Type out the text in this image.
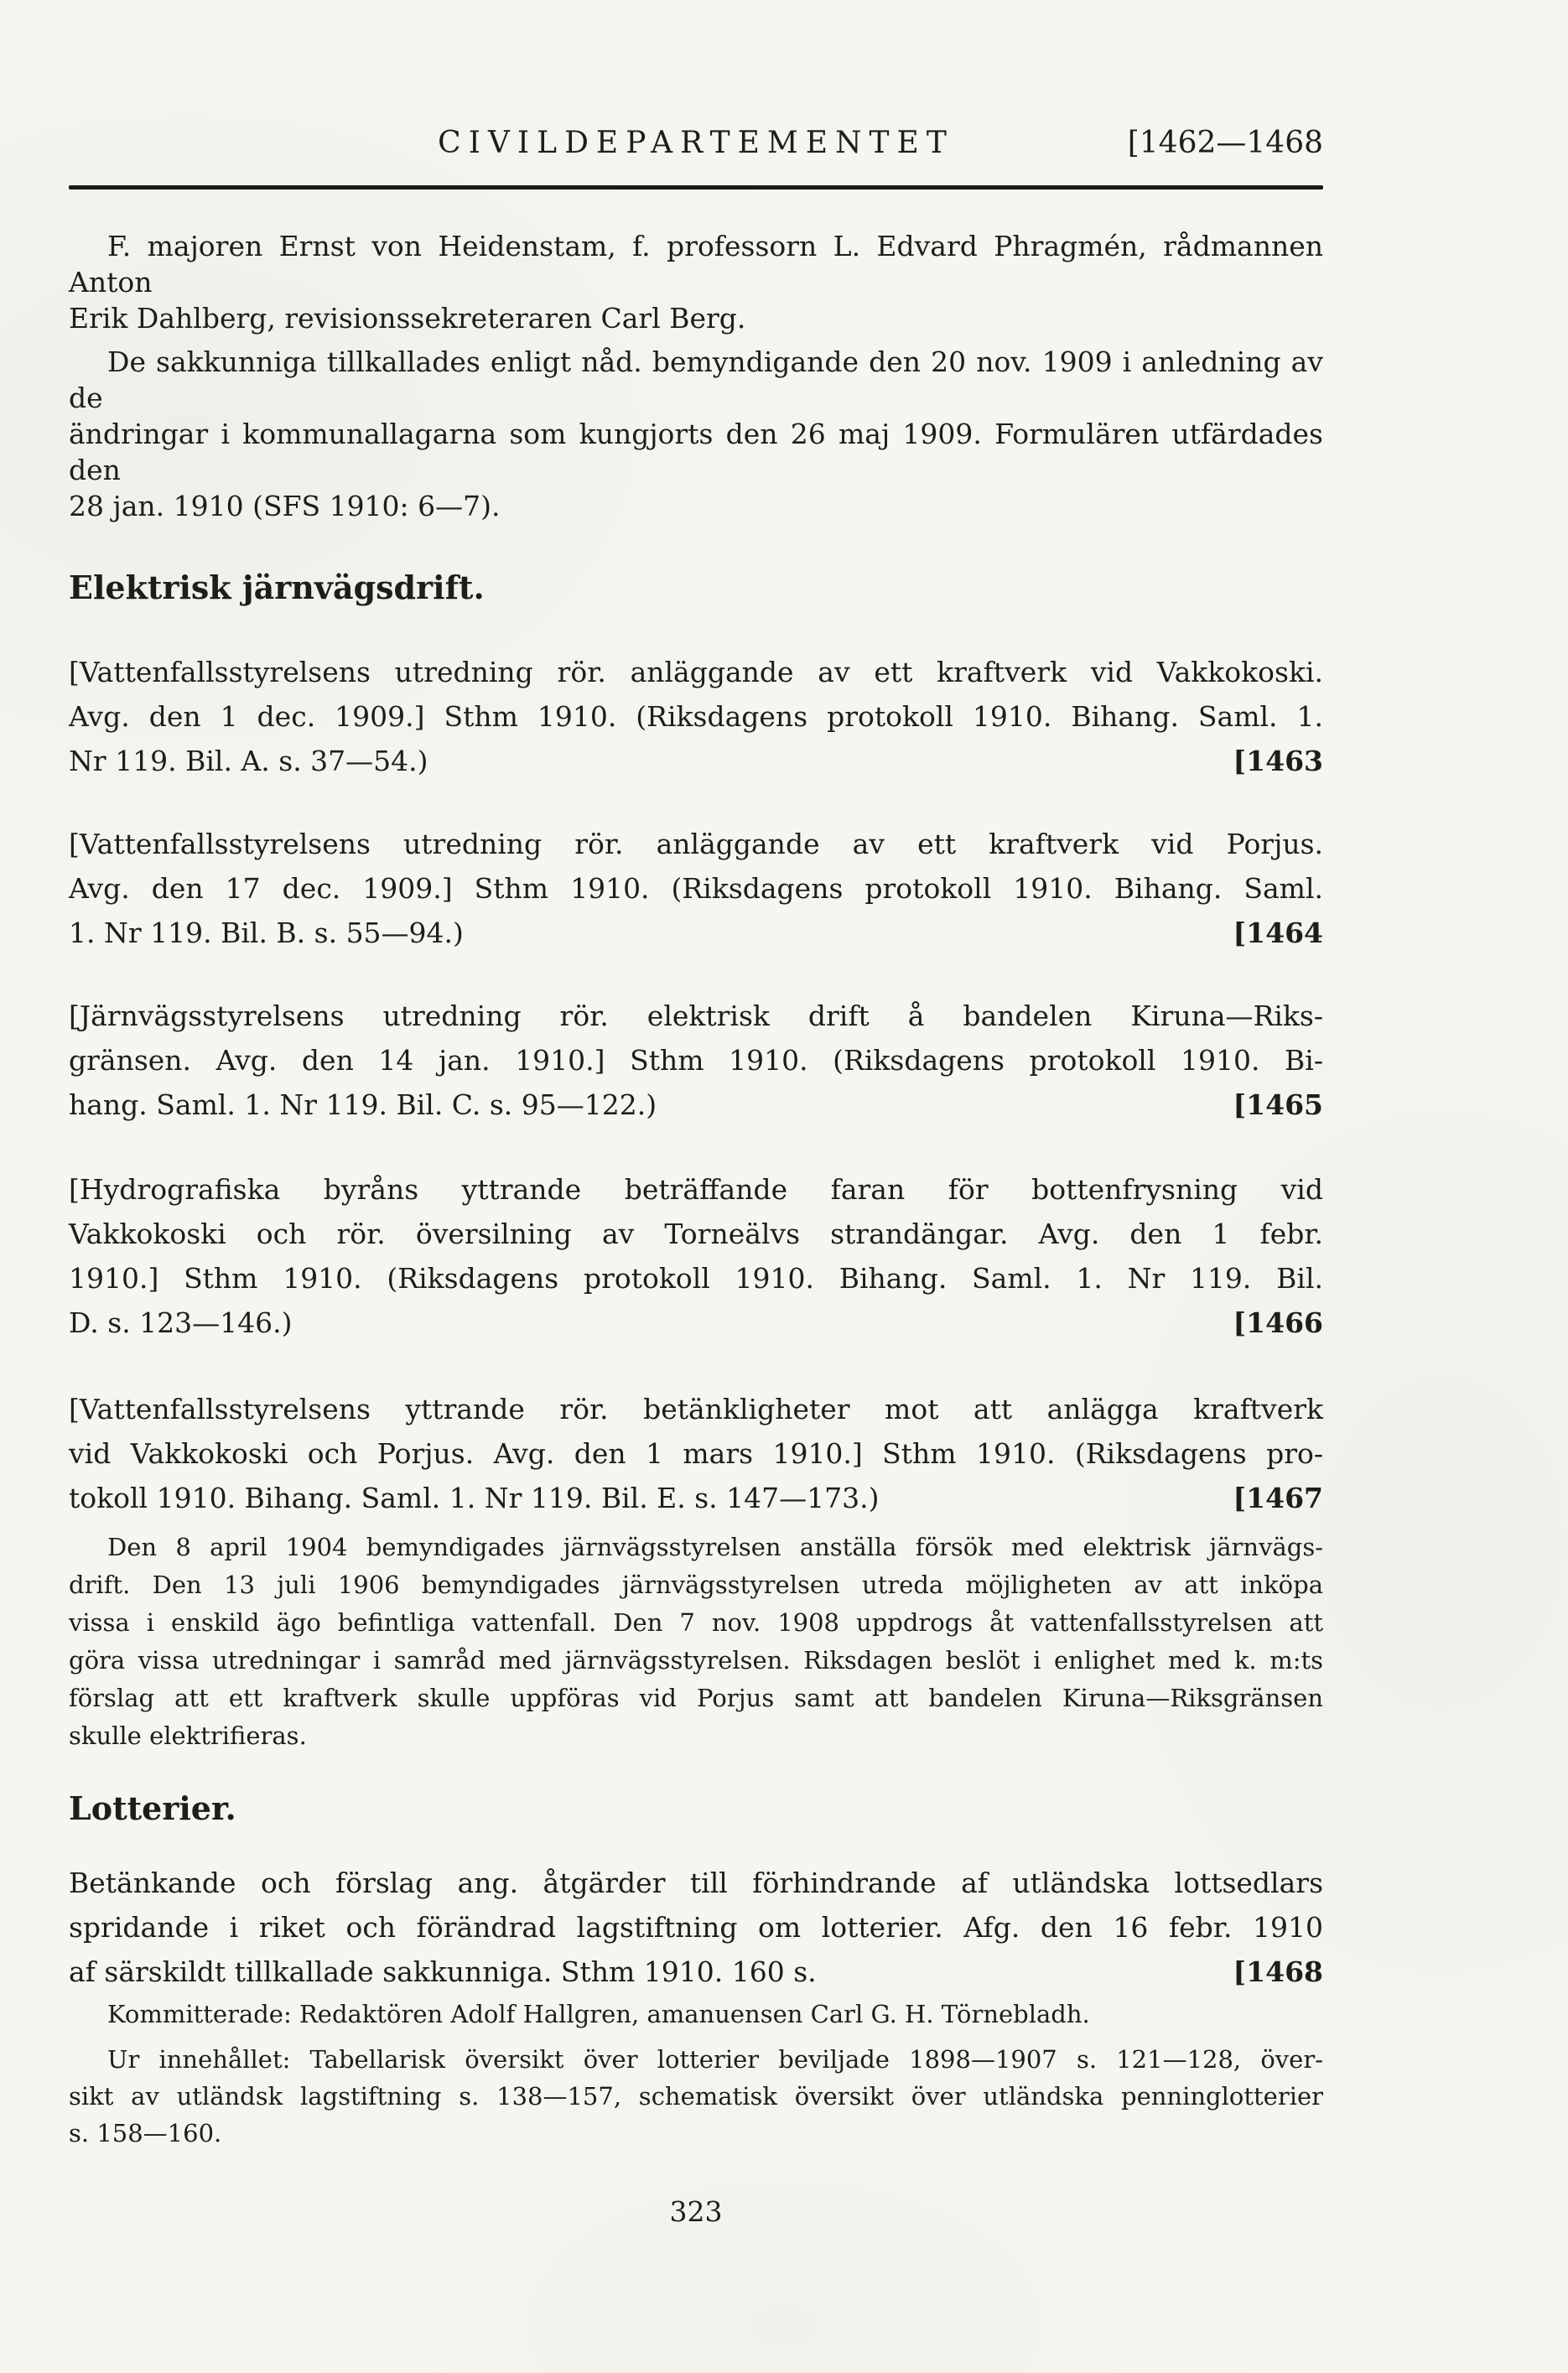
CIVILDEPARTEMENTET	[1462—1468
F. majoren Ernst von Heidenstam, f. professorn L. Edvard Phragmén, rådmannen Anton
Erik Dahlberg, revisionssekreteraren Carl Berg.
De sakkunniga tillkallades enligt nåd. bemyndigande den 20 nov. 1909 i anledning av de
ändringar i kommunallagarna som kungjorts den 26 maj 1909. Formulären utfärdades den
28 jan. 1910 (SFS 1910: 6—7).
Elektrisk järnvägsdrift.
[Vattenfallsstyrelsens utredning rör. anläggande av ett kraftverk vid Vakkokoski.
Avg. den 1 dec. 1909.] Sthm 1910. (Riksdagens protokoll 1910. Bihang. Saml. 1.
Nr 119. Bil. A. s. 37—54.)	[1463
[Vattenfallsstyrelsens utredning rör. anläggande av ett kraftverk vid Porjus.
Avg. den 17 dec. 1909.] Sthm 1910. (Riksdagens protokoll 1910. Bihang. Saml.
1. Nr 119. Bil. B. s. 55—94.)	[1464
[Järnvägsstyrelsens utredning rör. elektrisk drift å bandelen Kiruna—Riks-
gränsen. Avg. den 14 jan. 1910.] Sthm 1910. (Riksdagens protokoll 1910. Bi-
hang. Saml. 1. Nr 119. Bil. C. s. 95—122.)	[1465
[Hydrografiska byråns yttrande beträffande faran för bottenfrysning vid
Vakkokoski och rör. översilning av Torneälvs strandängar. Avg. den 1 febr.
1910.] Sthm 1910. (Riksdagens protokoll 1910. Bihang. Saml. 1. Nr 119. Bil.
D. s. 123—146.)	[1466
[Vattenfallsstyrelsens yttrande rör. betänkligheter mot att anlägga kraftverk
vid Vakkokoski och Porjus. Avg. den 1 mars 1910.] Sthm 1910. (Riksdagens pro-
tokoll 1910. Bihang. Saml. 1. Nr 119. Bil. E. s. 147—173.)	[1467
Den 8 april 1904 bemyndigades järnvägsstyrelsen anställa försök med elektrisk järnvägs-
drift. Den 13 juli 1906 bemyndigades järnvägsstyrelsen utreda möjligheten av att inköpa
vissa i enskild ägo befintliga vattenfall. Den 7 nov. 1908 uppdrogs åt vattenfallsstyrelsen att
göra vissa utredningar i samråd med järnvägsstyrelsen. Riksdagen beslöt i enlighet med k. m:ts
förslag att ett kraftverk skulle uppföras vid Porjus samt att bandelen Kiruna—Riksgränsen
skulle elektrifieras.
Lotterier.
Betänkande och förslag ang. åtgärder till förhindrande af utländska lottsedlars
spridande i riket och förändrad lagstiftning om lotterier. Afg. den 16 febr. 1910
af särskildt tillkallade sakkunniga. Sthm 1910. 160 s.	[1468
Kommitterade: Redaktören Adolf Hallgren, amanuensen Carl G. H. Törnebladh.
Ur innehållet: Tabellarisk översikt över lotterier beviljade 1898—1907 s. 121—128, över-
sikt av utländsk lagstiftning s. 138—157, schematisk översikt över utländska penninglotterier
s. 158—160.
323
